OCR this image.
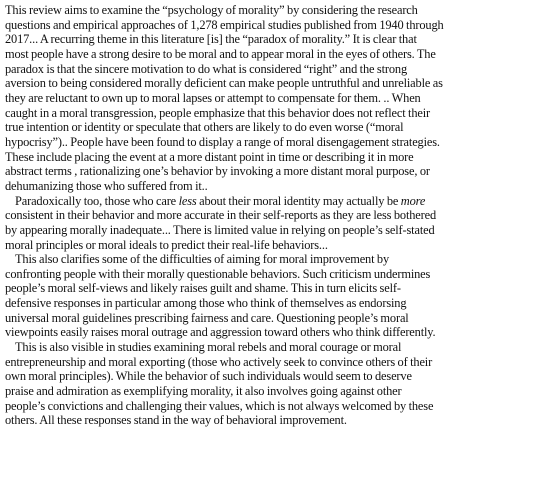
This review aims to examine the “psychology of morality” by considering the research
questions and empirical approaches of 1,278 empirical studies published from 1940 through
2017... A recurring theme in this literature [is] the “paradox of morality.” It is clear that
most people have a strong desire to be moral and to appear moral in the eyes of others. The
paradox is that the sincere motivation to do what is considered “right” and the strong
aversion to being considered morally deficient can make people untruthful and unreliable as
they are reluctant to own up to moral lapses or attempt to compensate for them. .. When
caught in a moral transgression, people emphasize that this behavior does not reflect their
true intention or identity or speculate that others are likely to do even worse (“moral
hypocrisy”).. People have been found to display a range of moral disengagement strategies.
These include placing the event at a more distant point in time or describing it in more
abstract terms , rationalizing one’s behavior by invoking a more distant moral purpose, or
dehumanizing those who suffered from it..
Paradoxically too, those who care less about their moral identity may actually be more
consistent in their behavior and more accurate in their self-reports as they are less bothered
by appearing morally inadequate... There is limited value in relying on people’s self-stated
moral principles or moral ideals to predict their real-life behaviors...
This also clarifies some of the difficulties of aiming for moral improvement by
confronting people with their morally questionable behaviors. Such criticism undermines
people’s moral self-views and likely raises guilt and shame. This in turn elicits self-
defensive responses in particular among those who think of themselves as endorsing
universal moral guidelines prescribing fairness and care. Questioning people’s moral
viewpoints easily raises moral outrage and aggression toward others who think differently.
This is also visible in studies examining moral rebels and moral courage or moral
entrepreneurship and moral exporting (those who actively seek to convince others of their
own moral principles). While the behavior of such individuals would seem to deserve
praise and admiration as exemplifying morality, it also involves going against other
people’s convictions and challenging their values, which is not always welcomed by these
others. All these responses stand in the way of behavioral improvement.
